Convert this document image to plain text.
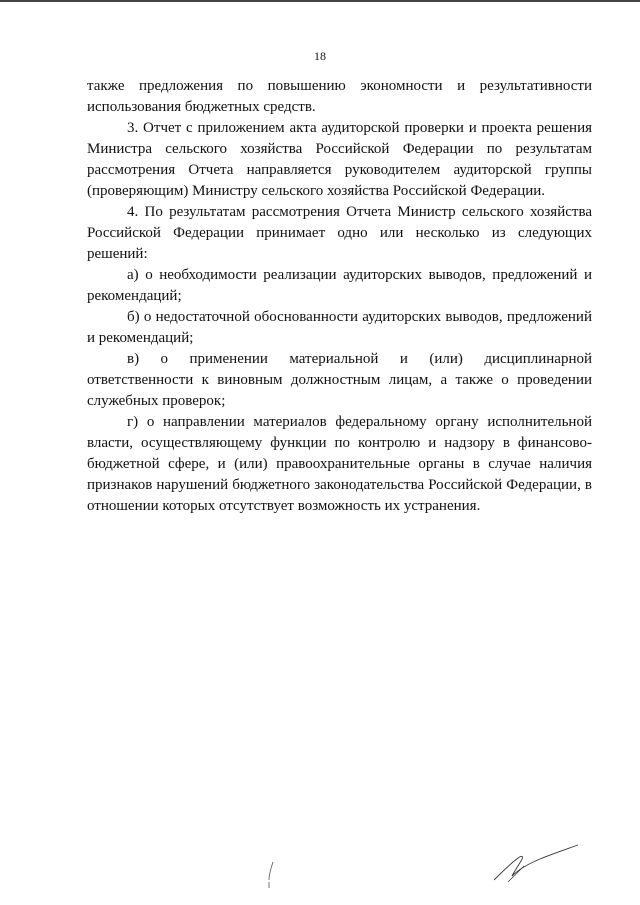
18

также предложения по повышению экономности и результативности использования бюджетных средств.

3. Отчет с приложением акта аудиторской проверки и проекта решения Министра сельского хозяйства Российской Федерации по результатам рассмотрения Отчета направляется руководителем аудиторской группы (проверяющим) Министру сельского хозяйства Российской Федерации.

4. По результатам рассмотрения Отчета Министр сельского хозяйства Российской Федерации принимает одно или несколько из следующих решений:

а) о необходимости реализации аудиторских выводов, предложений и рекомендаций;

б) о недостаточной обоснованности аудиторских выводов, предложений и рекомендаций;

в) о применении материальной и (или) дисциплинарной ответственности к виновным должностным лицам, а также о проведении служебных проверок;

г) о направлении материалов федеральному органу исполнительной власти, осуществляющему функции по контролю и надзору в финансово-бюджетной сфере, и (или) правоохранительные органы в случае наличия признаков нарушений бюджетного законодательства Российской Федерации, в отношении которых отсутствует возможность их устранения.
